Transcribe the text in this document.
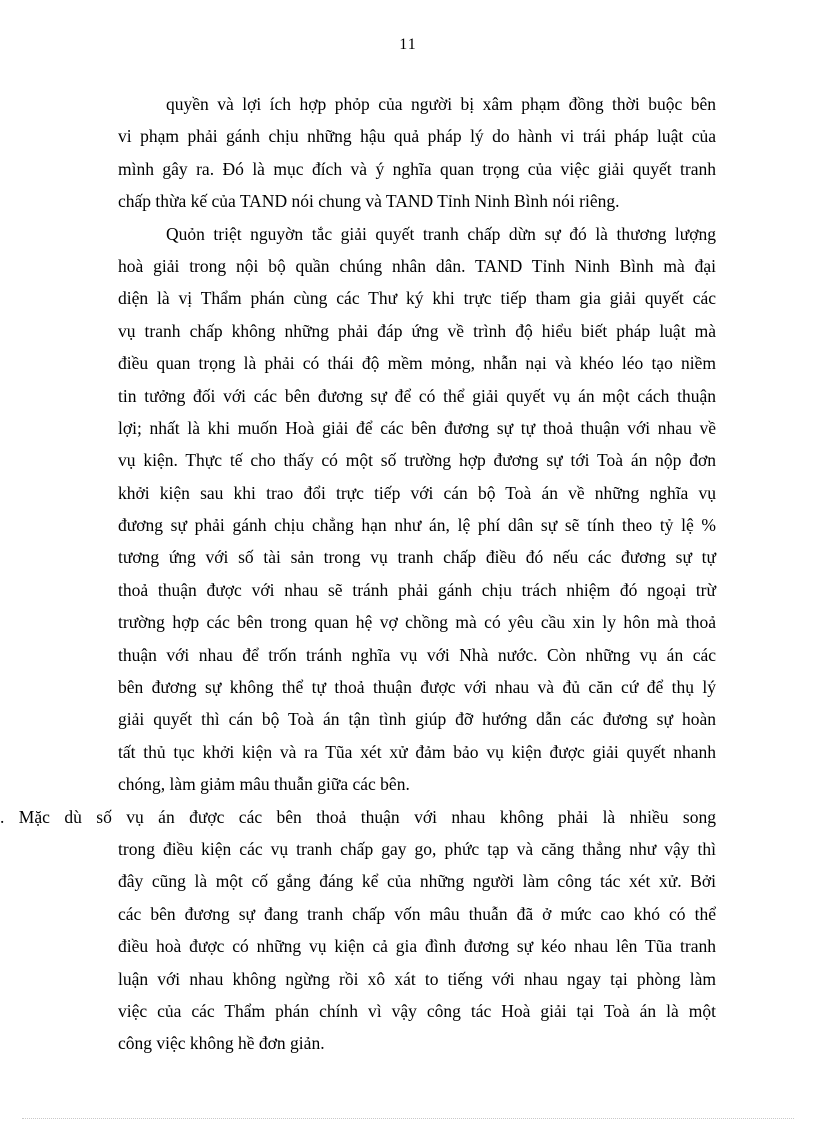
11
quyền và lợi ích hợp phỏp của người bị xâm phạm đồng thời buộc bên
vi phạm phải gánh chịu những hậu quả pháp lý do hành vi trái pháp luật của
mình gây ra. Đó là mục đích và ý nghĩa quan trọng của việc giải quyết tranh
chấp thừa kế của TAND nói chung và TAND Tỉnh Ninh Bình nói riêng.
Quỏn triệt nguyờn tắc giải quyết tranh chấp dừn sự đó là thương lượng
hoà giải trong nội bộ quần chúng nhân dân. TAND Tỉnh Ninh Bình mà đại
diện là vị Thẩm phán cùng các Thư ký khi trực tiếp tham gia giải quyết các
vụ tranh chấp không những phải đáp ứng về trình độ hiểu biết pháp luật mà
điều quan trọng là phải có thái độ mềm mỏng, nhẫn nại và khéo léo tạo niềm
tin tưởng đối với các bên đương sự để có thể giải quyết vụ án một cách thuận
lợi; nhất là khi muốn Hoà giải để các bên đương sự tự thoả thuận với nhau về
vụ kiện. Thực tế cho thấy có một số trường hợp đương sự tới Toà án nộp đơn
khởi kiện sau khi trao đổi trực tiếp với cán bộ Toà án về những nghĩa vụ
đương sự phải gánh chịu chẳng hạn như án, lệ phí dân sự sẽ tính theo tỷ lệ %
tương ứng với số tài sản trong vụ tranh chấp điều đó nếu các đương sự tự
thoả thuận được với nhau sẽ tránh phải gánh chịu trách nhiệm đó ngoại trừ
trường hợp các bên trong quan hệ vợ chồng mà có yêu cầu xin ly hôn mà thoả
thuận với nhau để trốn tránh nghĩa vụ với Nhà nước. Còn những vụ án các
bên đương sự không thể tự thoả thuận được với nhau và đủ căn cứ để thụ lý
giải quyết thì cán bộ Toà án tận tình giúp đỡ hướng dẫn các đương sự hoàn
tất thủ tục khởi kiện và ra Tũa xét xử đảm bảo vụ kiện được giải quyết nhanh
chóng, làm giảm mâu thuẫn giữa các bên.
. Mặc dù số vụ án được các bên thoả thuận với nhau không phải là nhiều song
trong điều kiện các vụ tranh chấp gay go, phức tạp và căng thẳng như vậy thì
đây cũng là một cố gắng đáng kể của những người làm công tác xét xử. Bởi
các bên đương sự đang tranh chấp vốn mâu thuẫn đã ở mức cao khó có thể
điều hoà được có những vụ kiện cả gia đình đương sự kéo nhau lên Tũa tranh
luận với nhau không ngừng rồi xô xát to tiếng với nhau ngay tại phòng làm
việc của các Thẩm phán chính vì vậy công tác Hoà giải tại Toà án là một
công việc không hề đơn giản.
